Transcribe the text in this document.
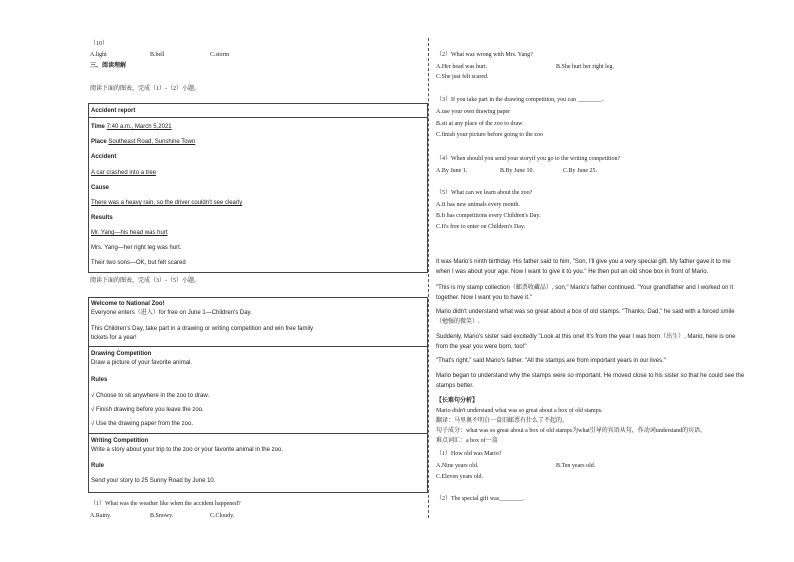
（10）
A.light	B.bell	C.storm
三、阅读理解
阅读下面的图表，完成（1）-（2）小题。
Accident report
Time 7:40 a.m., March 5,2021
Place Southeast Road, Sunshine Town
Accident
A car crashed into a tree
Cause
There was a heavy rain, so the driver couldn't see clearly
Results
Mr. Yang—his head was hurt
Mrs. Yang—her right leg was hurt.
Their two sons—OK, but felt scared
阅读下面的图表，完成（3）-（5）小题。
Welcome to National Zoo!
Everyone enters（进入）for free on June 1—Children's Day.
This Children's Day, take part in a drawing or writing competition and win free family
tickets for a year!
Drawing Competition
Draw a picture of your favorite animal.
Rules
√ Choose to sit anywhere in the zoo to draw.
√ Finish drawing before you leave the zoo.
√ Use the drawing paper from the zoo.
Writing Competition
Write a story about your trip to the zoo or your favorite animal in the zoo.
Rule
Send your story to 25 Sunny Road by June 10.
（1）What was the weather like when the accident happened?
A.Rainy.	B.Snowy.	C.Cloudy.
（2）What was wrong with Mrs. Yang?
A.Her head was hurt.	B.She hurt her right leg.
C.She just felt scared.
（3）If you take part in the drawing competition, you can ________.
A.use your own drawing paper
B.sit at any place of the zoo to draw
C.finish your picture before going to the zoo
（4）When should you send your storyif you go to the writing competition?
A.By June 1.	B.By June 10.	C.By June 25.
（5）What can we learn about the zoo?
A.It has new animals every month.
B.It has competitions every Children's Day.
C.It's free to enter on Children's Day.
It was Mario's ninth birthday. His father said to him, "Son, I'll give you a very special gift. My father gave it to me
when I was about your age. Now I want to give it to you." He then put an old shoe box in front of Mario.
"This is my stamp collection（邮票收藏品）, son," Mario's father continued. "Your grandfather and I worked on it
together. Now I want you to have it."
Mario didn't understand what was so great about a box of old stamps. "Thanks, Dad," he said with a forced smile
（勉强的微笑）.
Suddenly, Mario's sister said excitedly "Look at this one! It's from the year I was born（出生）, Mario, here is one
from the year you were born, too!"
"That's right," said Mario's father. "All the stamps are from important years in our lives."
Mario began to understand why the stamps were so important. He moved close to his sister so that he could see the
stamps better.
【长难句分析】
Mario didn't understand what was so great about a box of old stamps.
翻译：马里奥不明白一盒旧邮票有什么了不起的。
句子成分：what was so great about a box of old stamps为what引导的宾语从句，作动词understand的宾语。
难点词汇：a box of一盒
（1）How old was Mario?
A.Nine years old.	B.Ten years old.
C.Eleven years old.
（2）The special gift was________.
